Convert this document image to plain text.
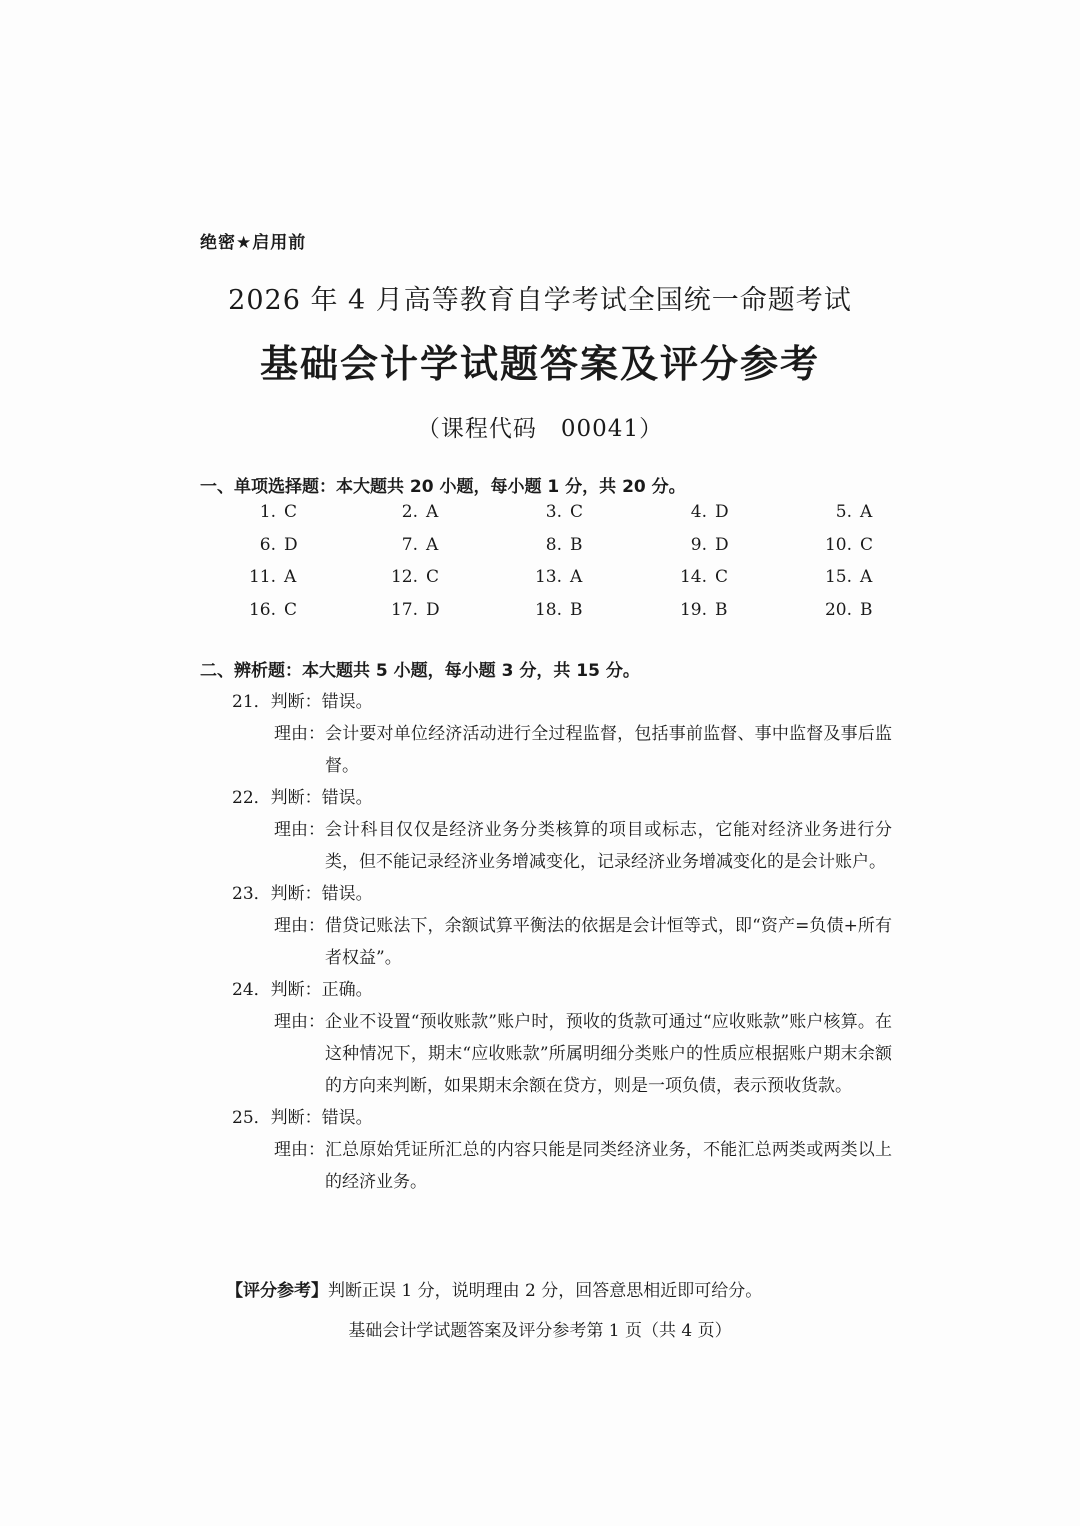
绝密★启用前
2026 年 4 月高等教育自学考试全国统一命题考试
基础会计学试题答案及评分参考
（课程代码　00041）
一、单项选择题：本大题共 20 小题，每小题 1 分，共 20 分。
1. C	2. A	3. C	4. D	5. A
6. D	7. A	8. B	9. D	10. C
11. A	12. C	13. A	14. C	15. A
16. C	17. D	18. B	19. B	20. B
二、辨析题：本大题共 5 小题，每小题 3 分，共 15 分。
21．判断：错误。
理由： 会计要对单位经济活动进行全过程监督，包括事前监督、事中监督及事后监督。
22．判断：错误。
理由： 会计科目仅仅是经济业务分类核算的项目或标志，它能对经济业务进行分类，但不能记录经济业务增减变化，记录经济业务增减变化的是会计账户。
23．判断：错误。
理由： 借贷记账法下，余额试算平衡法的依据是会计恒等式，即“资产=负债+所有者权益”。
24．判断：正确。
理由： 企业不设置“预收账款”账户时，预收的货款可通过“应收账款”账户核算。在这种情况下，期末“应收账款”所属明细分类账户的性质应根据账户期末余额的方向来判断，如果期末余额在贷方，则是一项负债，表示预收货款。
25．判断：错误。
理由： 汇总原始凭证所汇总的内容只能是同类经济业务，不能汇总两类或两类以上的经济业务。
【评分参考】判断正误 1 分，说明理由 2 分，回答意思相近即可给分。
基础会计学试题答案及评分参考第 1 页（共 4 页）
